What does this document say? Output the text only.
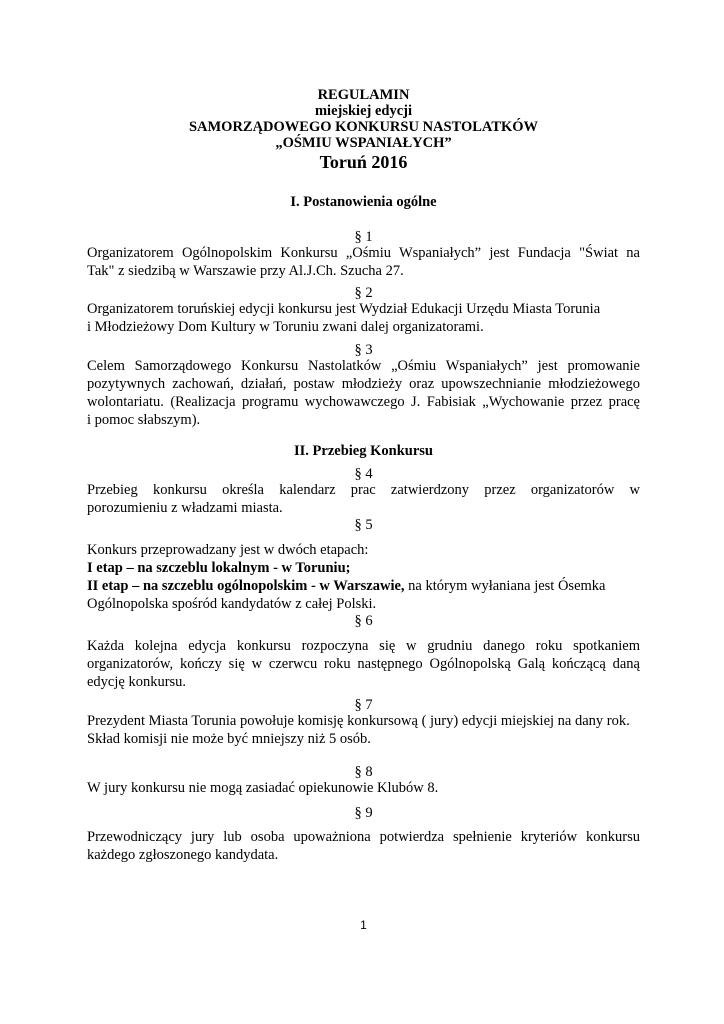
REGULAMIN
miejskiej edycji
SAMORZĄDOWEGO KONKURSU NASTOLATKÓW
„OŚMIU WSPANIAŁYCH”
Toruń 2016
I. Postanowienia ogólne
§ 1
Organizatorem Ogólnopolskim Konkursu „Ośmiu Wspaniałych” jest Fundacja "Świat na
Tak" z siedzibą w Warszawie przy Al.J.Ch. Szucha 27.
§ 2
Organizatorem toruńskiej edycji konkursu jest Wydział Edukacji Urzędu Miasta Torunia
i Młodzieżowy Dom Kultury w Toruniu zwani dalej organizatorami.
§ 3
Celem Samorządowego Konkursu Nastolatków „Ośmiu Wspaniałych” jest promowanie
pozytywnych zachowań, działań, postaw młodzieży oraz upowszechnianie młodzieżowego
wolontariatu. (Realizacja programu wychowawczego J. Fabisiak „Wychowanie przez pracę
i pomoc słabszym).
II. Przebieg Konkursu
§ 4
Przebieg konkursu określa kalendarz prac zatwierdzony przez organizatorów w
porozumieniu z władzami miasta.
§ 5
Konkurs przeprowadzany jest w dwóch etapach:
I etap – na szczeblu lokalnym - w Toruniu;
II etap – na szczeblu ogólnopolskim - w Warszawie, na którym wyłaniana jest Ósemka
Ogólnopolska spośród kandydatów z całej Polski.
§ 6
Każda kolejna edycja konkursu rozpoczyna się w grudniu danego roku spotkaniem
organizatorów, kończy się w czerwcu roku następnego Ogólnopolską Galą kończącą daną
edycję konkursu.
§ 7
Prezydent Miasta Torunia powołuje komisję konkursową ( jury) edycji miejskiej na dany rok.
Skład komisji nie może być mniejszy niż 5 osób.
§ 8
W jury konkursu nie mogą zasiadać opiekunowie Klubów 8.
§ 9
Przewodniczący jury lub osoba upoważniona potwierdza spełnienie kryteriów konkursu
każdego zgłoszonego kandydata.
1
